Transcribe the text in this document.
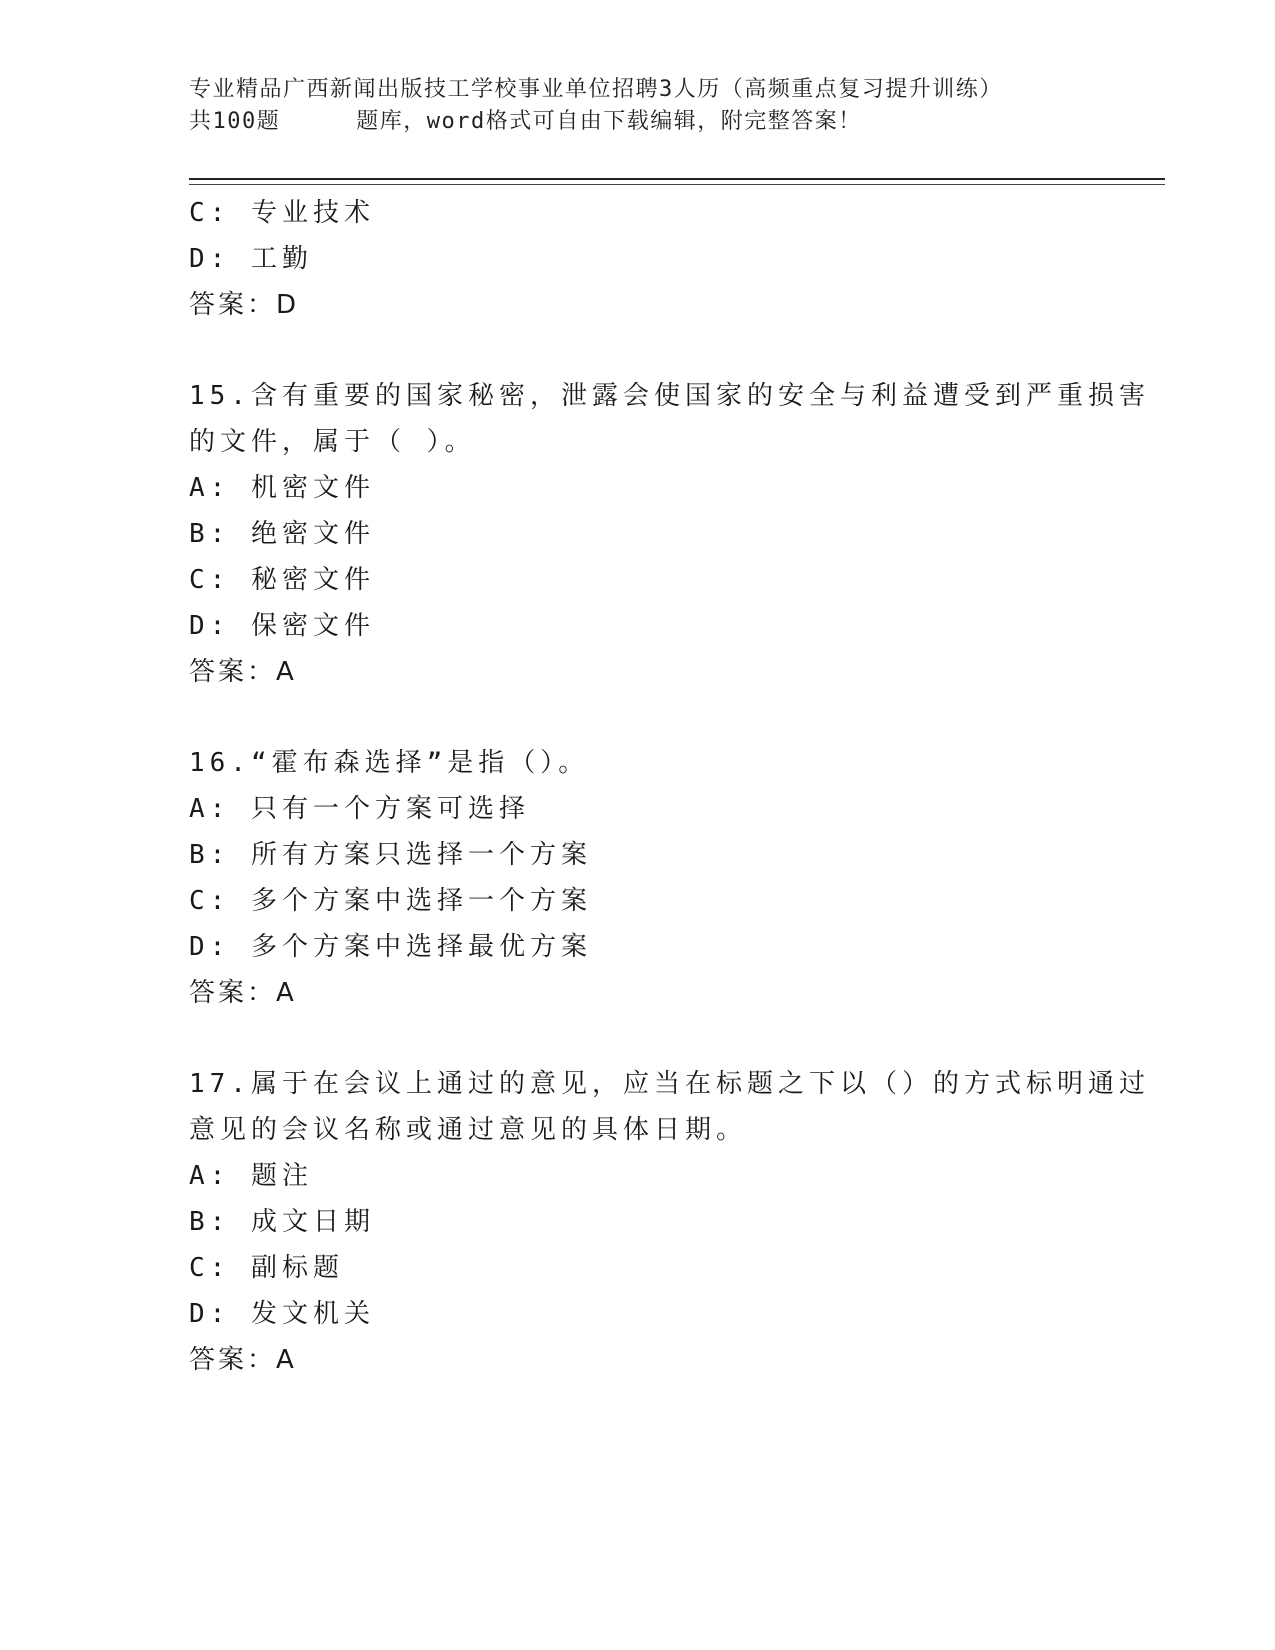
专业精品广西新闻出版技工学校事业单位招聘3人历（高频重点复习提升训练）
共100题	题库，word格式可自由下载编辑，附完整答案！
C: 专业技术
D: 工勤
答案：D
15.含有重要的国家秘密，泄露会使国家的安全与利益遭受到严重损害
的文件，属于（ ）。
A: 机密文件
B: 绝密文件
C: 秘密文件
D: 保密文件
答案：A
16.“霍布森选择”是指（）。
A: 只有一个方案可选择
B: 所有方案只选择一个方案
C: 多个方案中选择一个方案
D: 多个方案中选择最优方案
答案：A
17.属于在会议上通过的意见，应当在标题之下以（）的方式标明通过
意见的会议名称或通过意见的具体日期。
A: 题注
B: 成文日期
C: 副标题
D: 发文机关
答案：A
